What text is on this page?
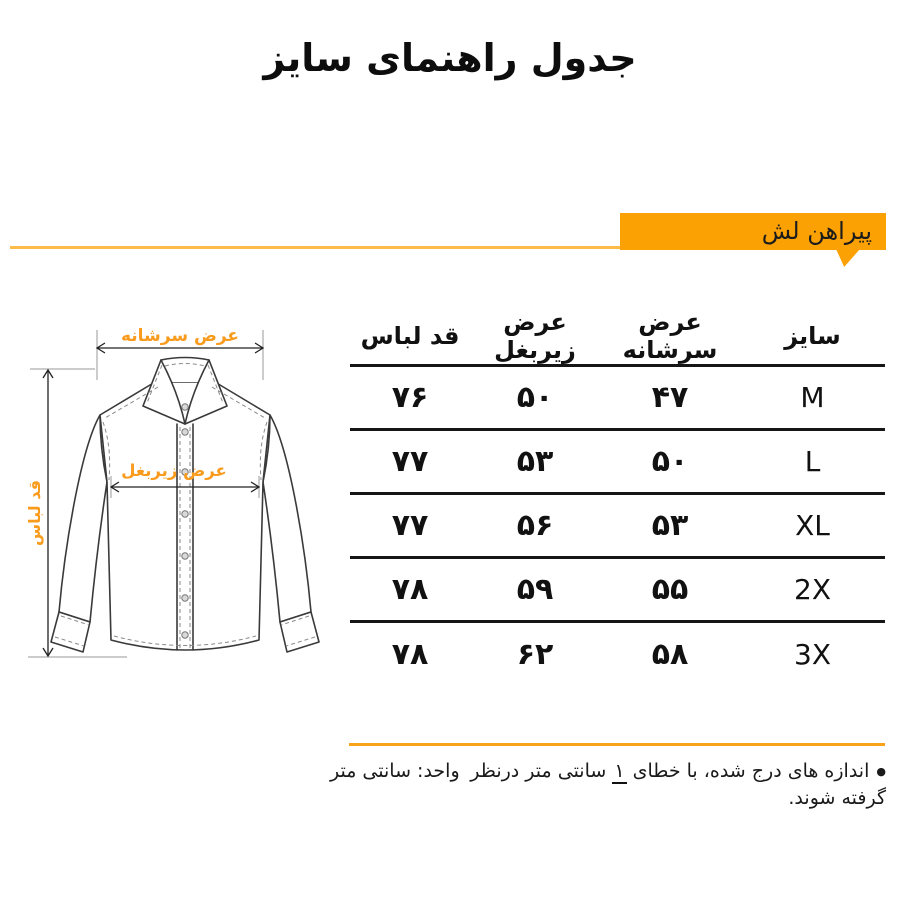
جدول راهنمای سایز
پیراهن لش
عرض سرشانه
عرض زیربغل
قد لباس
سایز	عرض سرشانه	عرض زیربغل	قد لباس
M	۴۷	۵۰	۷۶
L	۵۰	۵۳	۷۷
XL	۵۳	۵۶	۷۷
2X	۵۵	۵۹	۷۸
3X	۵۸	۶۲	۷۸
●اندازه های درج شده، با خطای ۱ سانتی متر درنظر گرفته شوند.
واحد: سانتی متر
